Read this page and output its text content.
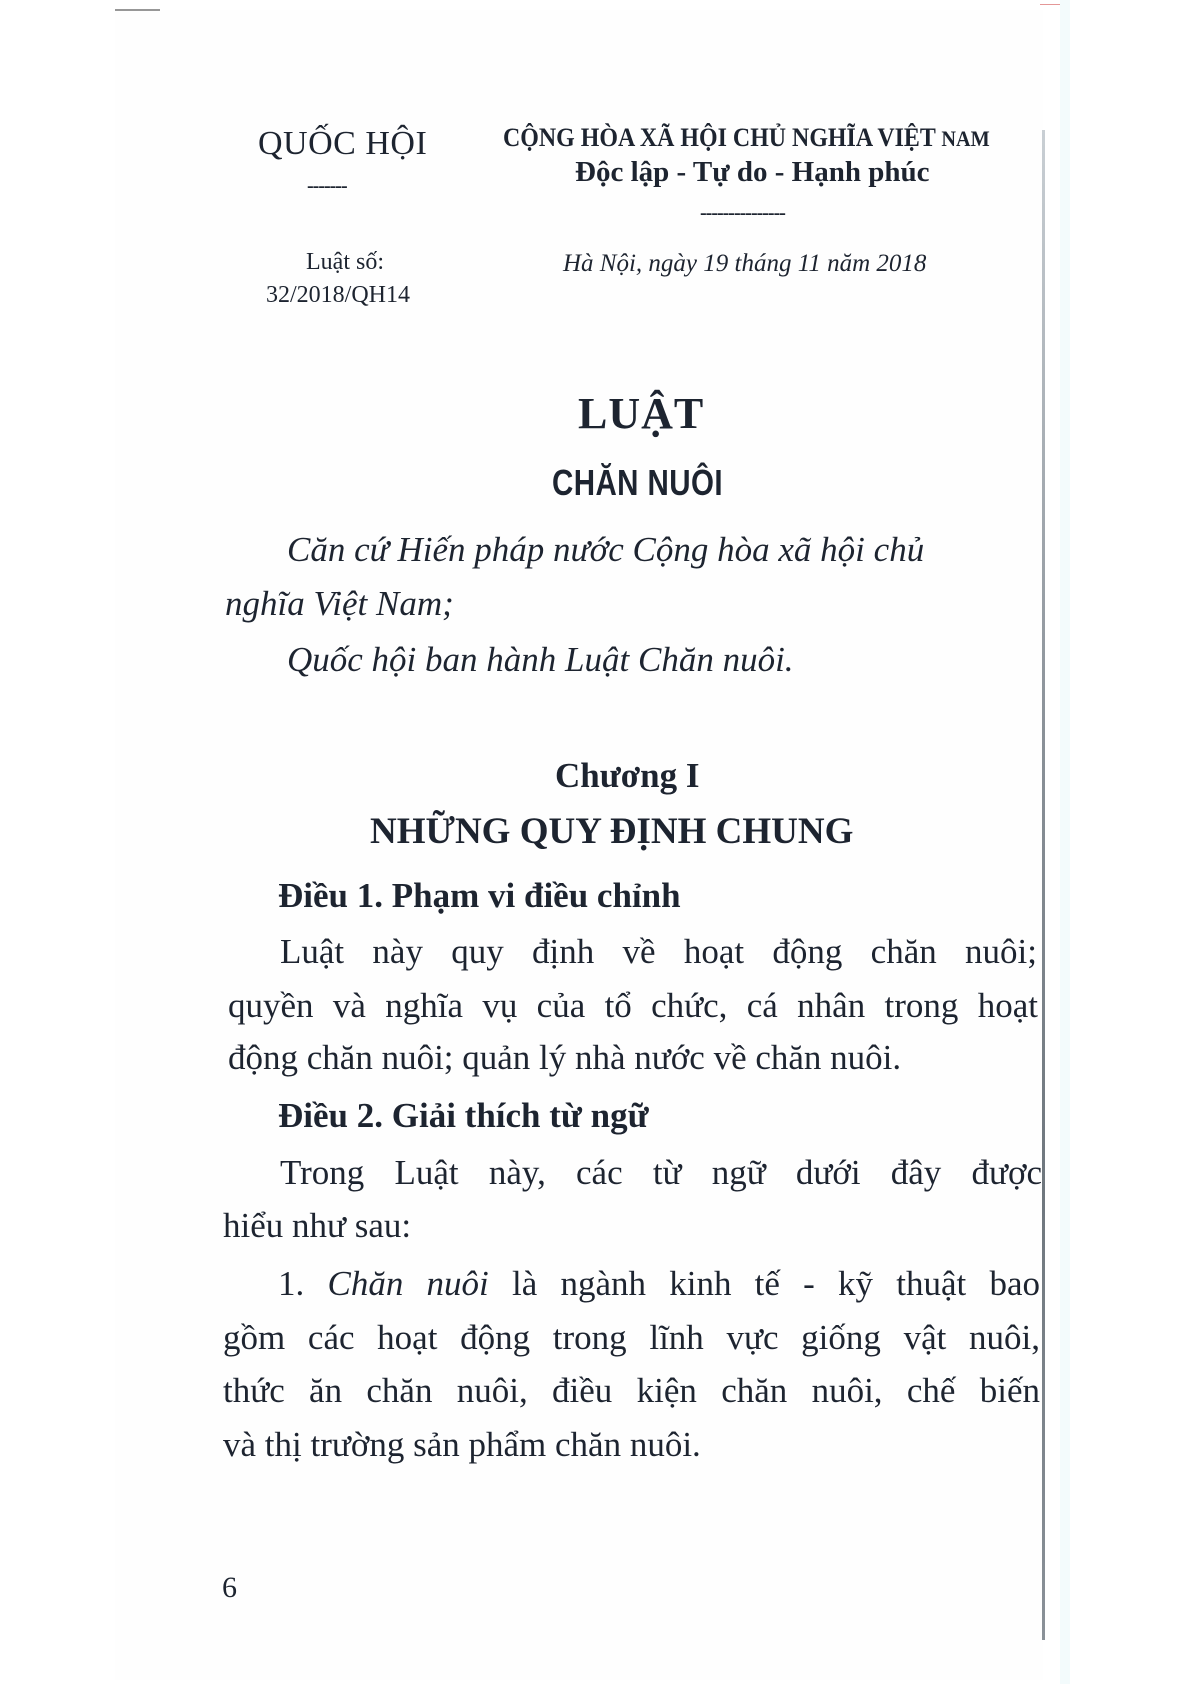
QUỐC HỘI
-------
CỘNG HÒA XÃ HỘI CHỦ NGHĨA VIỆT NAM
Độc lập - Tự do - Hạnh phúc
---------------
Luật số:
32/2018/QH14
Hà Nội, ngày 19 tháng 11 năm 2018
LUẬT
CHĂN NUÔI
Căn cứ Hiến pháp nước Cộng hòa xã hội chủ
nghĩa Việt Nam;
Quốc hội ban hành Luật Chăn nuôi.
Chương I
NHỮNG QUY ĐỊNH CHUNG
Điều 1. Phạm vi điều chỉnh
Luật này quy định về hoạt động chăn nuôi;
quyền và nghĩa vụ của tổ chức, cá nhân trong hoạt
động chăn nuôi; quản lý nhà nước về chăn nuôi.
Điều 2. Giải thích từ ngữ
Trong Luật này, các từ ngữ dưới đây được
hiểu như sau:
1. Chăn nuôi là ngành kinh tế - kỹ thuật bao
gồm các hoạt động trong lĩnh vực giống vật nuôi,
thức ăn chăn nuôi, điều kiện chăn nuôi, chế biến
và thị trường sản phẩm chăn nuôi.
6
